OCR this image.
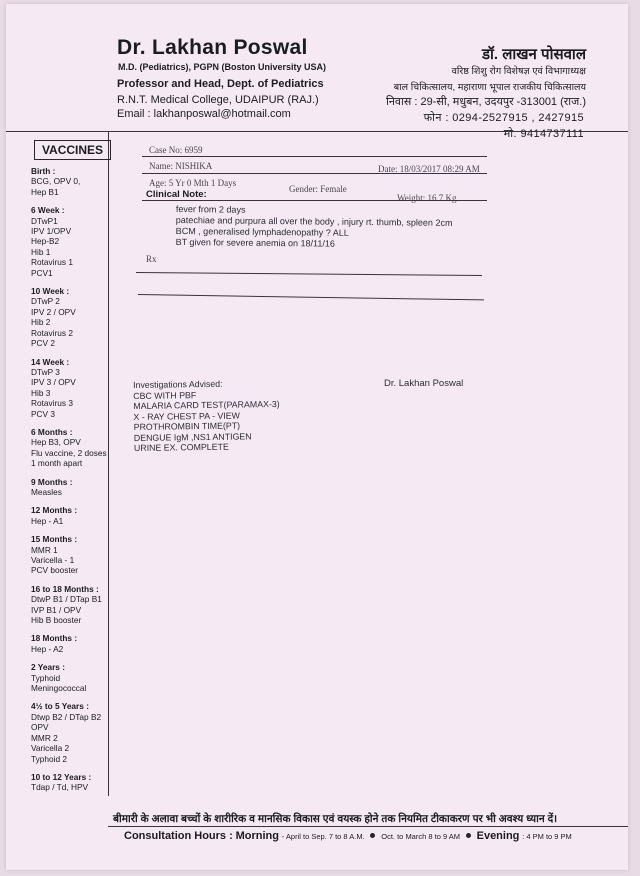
Dr. Lakhan Poswal
M.D. (Pediatrics), PGPN (Boston University USA)
Professor and Head, Dept. of Pediatrics
R.N.T. Medical College, UDAIPUR (RAJ.)
Email : lakhanposwal@hotmail.com
डॉ. लाखन पोसवाल
वरिष्ठ शिशु रोग विशेषज्ञ एवं विभागाध्यक्ष
बाल चिकित्सालय, महाराणा भूपाल राजकीय चिकित्सालय
निवास : 29-सी, मधुबन, उदयपुर -313001 (राज.)
फोन : 0294-2527915 , 2427915
मो. 9414737111
VACCINES
Birth :
BCG, OPV 0,
Hep B1
6 Week :
DTwP1
IPV 1/OPV
Hep-B2
Hib 1
Rotavirus 1
PCV1
10 Week :
DTwP 2
IPV 2 / OPV
Hib 2
Rotavirus 2
PCV 2
14 Week :
DTwP 3
IPV 3 / OPV
Hib 3
Rotavirus 3
PCV 3
6 Months :
Hep B3, OPV
Flu vaccine, 2 doses
1 month apart
9 Months :
Measles
12 Months :
Hep - A1
15 Months :
MMR 1
Varicella - 1
PCV booster
16 to 18 Months :
DtwP B1 / DTap B1
IVP B1 / OPV
Hib B booster
18 Months :
Hep - A2
2 Years :
Typhoid
Meningococcal
4½ to 5 Years :
Dtwp B2 / DTap B2
OPV
MMR 2
Varicella 2
Typhoid 2
10 to 12 Years :
Tdap / Td, HPV
Case No: 6959
Name: NISHIKA	Date: 18/03/2017 08:29 AM
Age: 5 Yr 0 Mth 1 Days
Gender: Female
Weight: 16.7 Kg
Clinical Note:
fever from 2 days
patechiae and purpura all over the body , injury rt. thumb, spleen 2cm
BCM , generalised lymphadenopathy ? ALL
BT given for severe anemia on 18/11/16
Rx
Dr. Lakhan Poswal
Investigations Advised:
CBC WITH PBF
MALARIA CARD TEST(PARAMAX-3)
X - RAY CHEST PA - VIEW
PROTHROMBIN TIME(PT)
DENGUE IgM ,NS1 ANTIGEN
URINE EX. COMPLETE
बीमारी के अलावा बच्चों के शारीरिक व मानसिक विकास एवं वयस्क होने तक नियमित टीकाकरण पर भी अवश्य ध्यान दें।
Consultation Hours : Morning - April to Sep. 7 to 8 A.M. Oct. to March 8 to 9 AM Evening : 4 PM to 9 PM
